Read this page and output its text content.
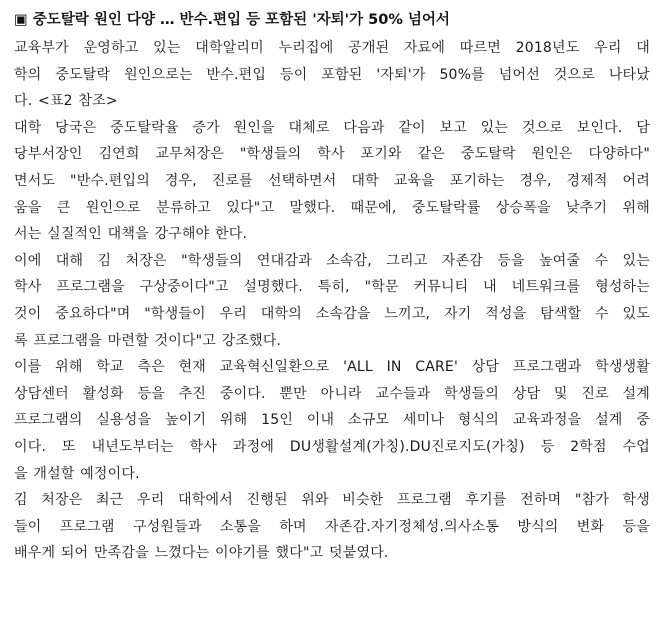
▣ 중도탈락 원인 다양 … 반수.편입 등 포함된 '자퇴'가 50% 넘어서
교육부가 운영하고 있는 대학알리미 누리집에 공개된 자료에 따르면 2018년도 우리 대
학의 중도탈락 원인으로는 반수.편입 등이 포함된 '자퇴'가 50%를 넘어선 것으로 나타났
다. <표2 참조>
대학 당국은 중도탈락율 증가 원인을 대체로 다음과 같이 보고 있는 것으로 보인다. 담
당부서장인 김연희 교무처장은 "학생들의 학사 포기와 같은 중도탈락 원인은 다양하다"
면서도 "반수.편입의 경우, 진로를 선택하면서 대학 교육을 포기하는 경우, 경제적 어려
움을 큰 원인으로 분류하고 있다"고 말했다. 때문에, 중도탈락률 상승폭을 낮추기 위해
서는 실질적인 대책을 강구해야 한다.
이에 대해 김 처장은 "학생들의 연대감과 소속감, 그리고 자존감 등을 높여줄 수 있는
학사 프로그램을 구상중이다"고 설명했다. 특히, "학문 커뮤니티 내 네트워크를 형성하는
것이 중요하다"며 "학생들이 우리 대학의 소속감을 느끼고, 자기 적성을 탐색할 수 있도
록 프로그램을 마련할 것이다"고 강조했다.
이를 위해 학교 측은 현재 교육혁신일환으로 'ALL IN CARE' 상담 프로그램과 학생생활
상담센터 활성화 등을 추진 중이다. 뿐만 아니라 교수들과 학생들의 상담 및 진로 설계
프로그램의 실용성을 높이기 위해 15인 이내 소규모 세미나 형식의 교육과정을 설계 중
이다. 또 내년도부터는 학사 과정에 DU생활설계(가칭).DU진로지도(가칭) 등 2학점 수업
을 개설할 예정이다.
김 처장은 최근 우리 대학에서 진행된 위와 비슷한 프로그램 후기를 전하며 "참가 학생
들이 프로그램 구성원들과 소통을 하며 자존감.자기정체성.의사소통 방식의 변화 등을
배우게 되어 만족감을 느꼈다는 이야기를 했다"고 덧붙였다.
